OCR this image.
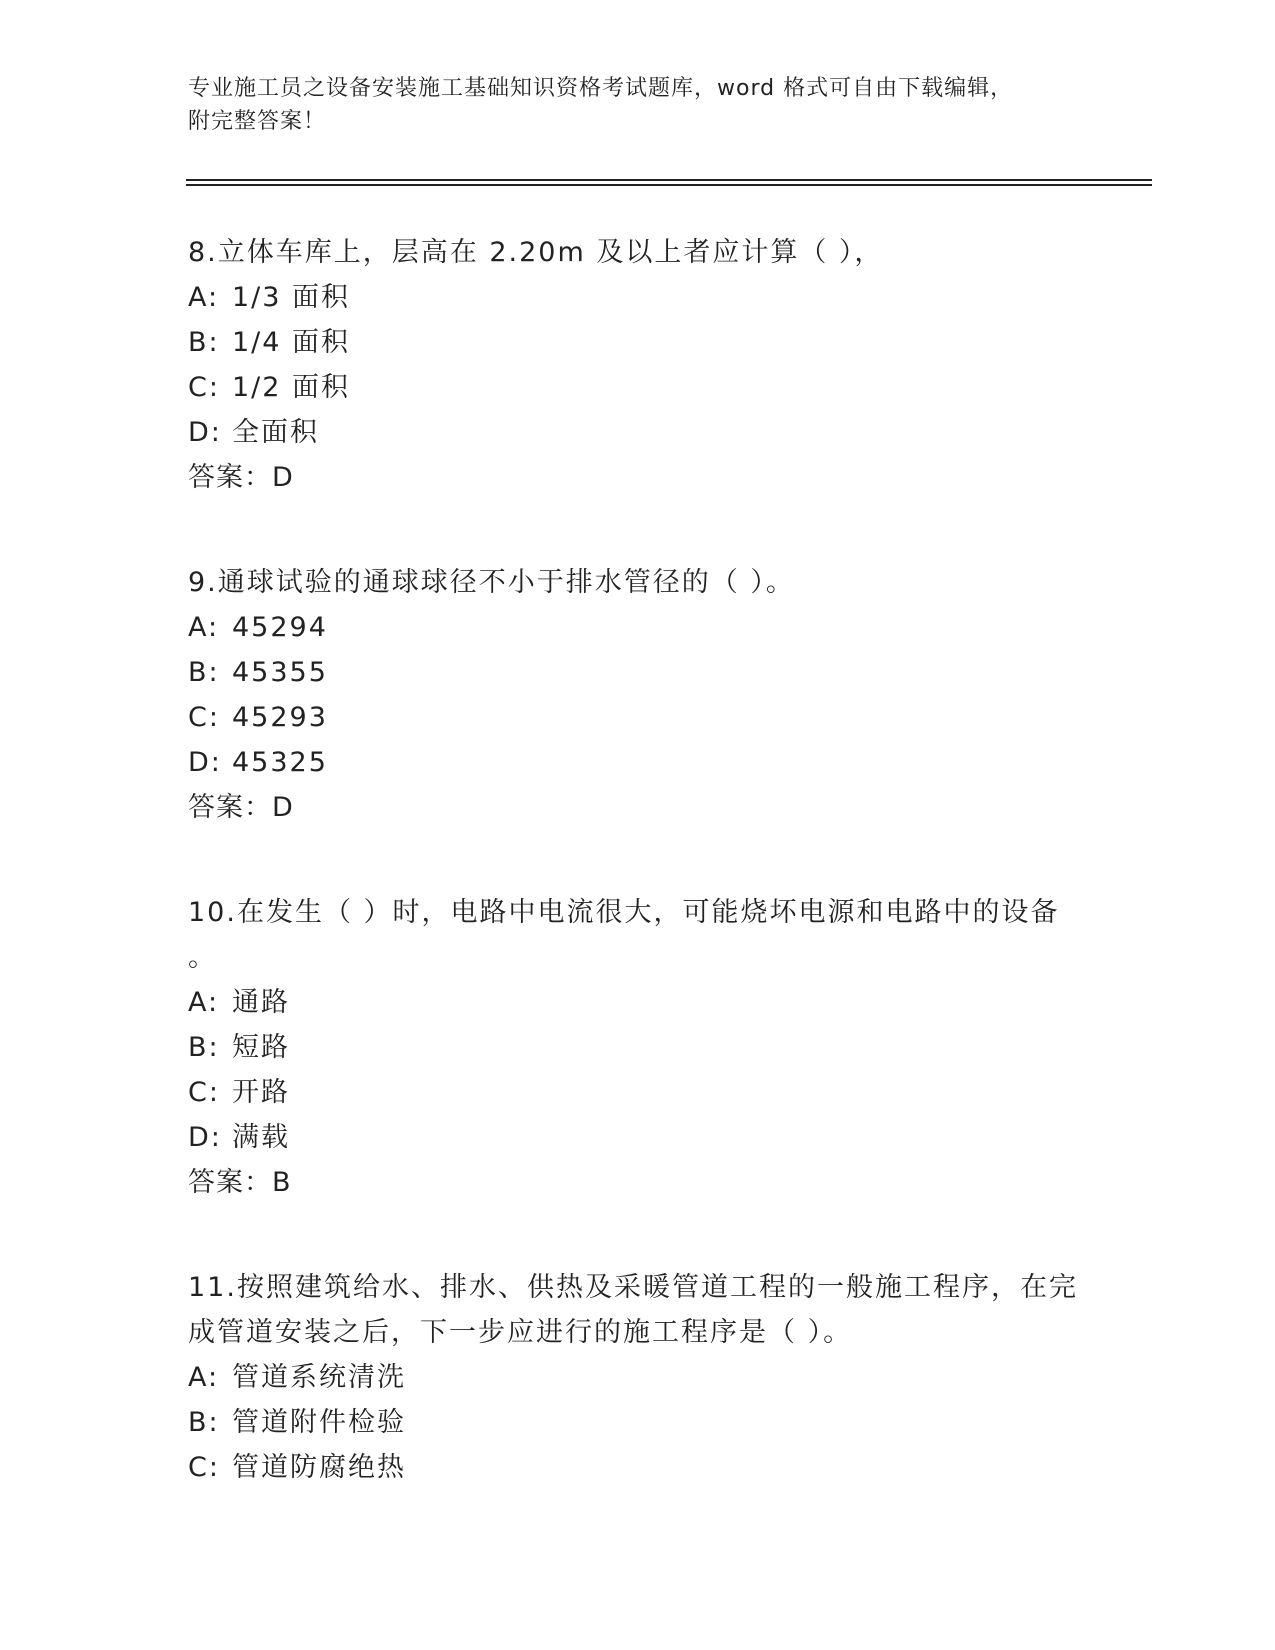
专业施工员之设备安装施工基础知识资格考试题库，word 格式可自由下载编辑，
附完整答案！
8.立体车库上，层高在 2.20m 及以上者应计算（ ），
A: 1/3 面积
B: 1/4 面积
C: 1/2 面积
D: 全面积
答案：D
9.通球试验的通球球径不小于排水管径的（ ）。
A: 45294
B: 45355
C: 45293
D: 45325
答案：D
10.在发生（ ）时，电路中电流很大，可能烧坏电源和电路中的设备
。
A: 通路
B: 短路
C: 开路
D: 满载
答案：B
11.按照建筑给水、排水、供热及采暖管道工程的一般施工程序，在完
成管道安装之后，下一步应进行的施工程序是（ ）。
A: 管道系统清洗
B: 管道附件检验
C: 管道防腐绝热
